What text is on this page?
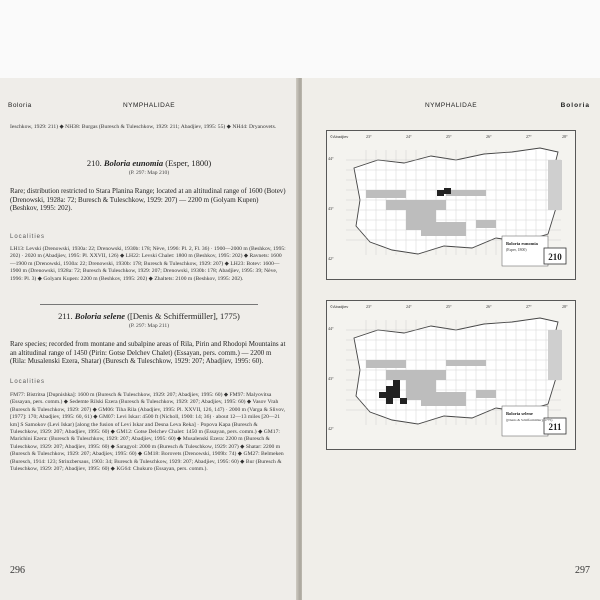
Boloria	NYMPHALIDAE
Ieschkow, 1929: 211) ◆ NH38: Burgas (Buresch & Tuleschkow, 1929: 211; Abadjiev, 1995: 55) ◆ NH44: Dryanovets.
210. Boloria eunomia (Esper, 1800)
(P. 297: Map 210)
Rare; distribution restricted to Stara Planina Range; located at an altitudinal range of 1600 (Botev) (Drenowski, 1928a: 72; Buresch & Tuleschkow, 1929: 207) — 2200 m (Golyam Kupen) (Beshkov, 1995: 202).
Localities
LH13: Levski (Drenowski, 1930a: 22; Drenowski, 1930b: 178; Nève, 1996: Pl. 2, Fl. 36) · 1900—2000 m (Beshkov, 1995: 202) · 2020 m (Abadjiev, 1995: Pl. XXVII, 126) ◆ LH22: Levski Chalet: 1800 m (Beshkov, 1995: 202) ◆ Ravnets: 1600—1900 m (Drenowski, 1930a: 22; Drenowski, 1930b: 178; Buresch & Tuleschkow, 1929: 207) ◆ LH23: Botev: 1600—1900 m (Drenowski, 1928a: 72; Buresch & Tuleschkow, 1929: 207; Drenowski, 1930b: 178; Abadjiev, 1995: 39; Nève, 1996: Pl. 3) ◆ Golyam Kupen: 2200 m (Beshkov, 1995: 202) ◆ Zhaltets: 2100 m (Beshkov, 1995: 202).
211. Boloria selene ([Denis & Schiffermüller], 1775)
(P. 297: Map 211)
Rare species; recorded from montane and subalpine areas of Rila, Pirin and Rhodopi Mountains at an altitudinal range of 1450 (Pirin: Gotse Delchev Chalet) (Essayan, pers. comm.) — 2200 m (Rila: Musalenski Ezera, Shatar) (Buresch & Tuleschkow, 1929: 207; Abadjiev, 1995: 60).
Localities
FM77: Bistritsa [Dupnishka]: 1600 m (Buresch & Tuleschkow, 1929: 207; Abadjiev, 1995: 60) ◆ FM97: Malyovitsa (Essayan, pers. comm.) ◆ Sedemte Rilski Ezera (Buresch & Tuleschkow, 1929: 207; Abadjiev, 1995: 60) ◆ Vasov Vrah (Buresch & Tuleschkow, 1929: 207) ◆ GM06: Tiha Rila (Abadjiev, 1995: Pl. XXVII, 126, 147) · 2000 m (Varga & Slivov, [1977]: 170; Abadjiev, 1995: 60, 61) ◆ GM07: Levi Iskar: 4500 ft (Nicholl, 1900: 14; 36) · about 12—13 miles [20—21 km] S Samokov (Levi Iskar) [along the fusion of Levi Iskar and Desna Leva Reka] · Popova Kapa (Buresch & Tuleschkow, 1929: 207; Abadjiev, 1995: 60) ◆ GM12: Gotse Delchev Chalet: 1450 m (Essayan, pers. comm.) ◆ GM17: Marichini Ezera: (Buresch & Tuleschkow, 1929: 207; Abadjiev, 1995: 60) ◆ Musalenski Ezera: 2200 m (Buresch & Tuleschkow, 1929: 207; Abadjiev, 1995: 60) ◆ Saragyol: 2000 m (Buresch & Tuleschkow, 1929: 207) ◆ Shatar: 2200 m (Buresch & Tuleschkow, 1929: 207; Abadjiev, 1995: 60) ◆ GM18: Borovets (Drenowski, 1909b: 74) ◆ GM27: Belmeken (Buresch, 1914: 123; Strinzbersaus, 1903: 34; Buresch & Tuleschkow, 1929: 207; Abadjiev, 1995: 60) ◆ Bur (Buresch & Tuleschkow, 1929: 207; Abadjiev, 1995: 60) ◆ KG64: Chukuro (Essayan, pers. comm.).
296
NYMPHALIDAE	Boloria
210
Boloria eunomia
(Esper, 1800)
©Abadjiev	23°	24°	25°	26°	27°	28°
44°
43°
42°
211
Boloria selene
([Denis & Schiffermüller], 1775)
©Abadjiev	23°	24°	25°	26°	27°	28°
44°
43°
42°
297
